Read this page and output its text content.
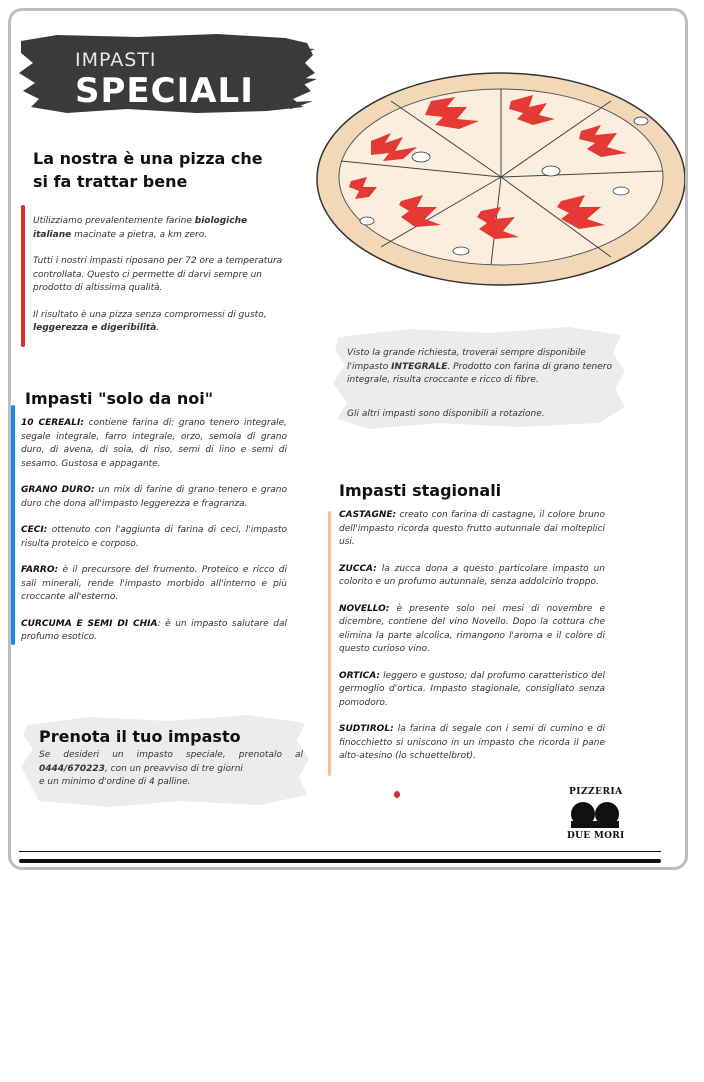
IMPASTI
SPECIALI
La nostra è una pizza che
si fa trattar bene

Utilizziamo prevalentemente farine biologiche italiane macinate a pietra, a km zero.

Tutti i nostri impasti riposano per 72 ore a temperatura controllata. Questo ci permette di darvi sempre un prodotto di altissima qualità.

Il risultato è una pizza senza compromessi di gusto, leggerezza e digeribilità.

Visto la grande richiesta, troverai sempre disponibile l'impasto INTEGRALE. Prodotto con farina di grano tenero integrale, risulta croccante e ricco di fibre.

Gli altri impasti sono disponibili a rotazione.

Impasti "solo da noi"

10 CEREALI: contiene farina di: grano tenero integrale, segale integrale, farro integrale, orzo, semola di grano duro, di avena, di soia, di riso, semi di lino e semi di sesamo. Gustosa e appagante.

GRANO DURO: un mix di farine di grano tenero e grano duro che dona all'impasto leggerezza e fragranza.

CECI: ottenuto con l'aggiunta di farina di ceci, l'impasto risulta proteico e corposo.

FARRO: è il precursore del frumento. Proteico e ricco di sali minerali, rende l'impasto morbido all'interno e più croccante all'esterno.

CURCUMA E SEMI DI CHIA: è un impasto salutare dal profumo esotico.

Impasti stagionali

CASTAGNE: creato con farina di castagne, il colore bruno dell'impasto ricorda questo frutto autunnale dai molteplici usi.

ZUCCA: la zucca dona a questo particolare impasto un colorito e un profumo autunnale, senza addolcirlo troppo.

NOVELLO: è presente solo nei mesi di novembre e dicembre, contiene del vino Novello. Dopo la cottura che elimina la parte alcolica, rimangono l'aroma e il colore di questo curioso vino.

ORTICA: leggero e gustoso; dal profumo caratteristico del germoglio d'ortica. Impasto stagionale, consigliato senza pomodoro.

SUDTIROL: la farina di segale con i semi di cumino e di finocchietto si uniscono in un impasto che ricorda il pane alto-atesino (lo schuettelbrot).

Prenota il tuo impasto
Se desideri un impasto speciale, prenotalo al
0444/670223, con un preavviso di tre giorni
e un minimo d'ordine di 4 palline.
PIZZERIA
DUE MORI
